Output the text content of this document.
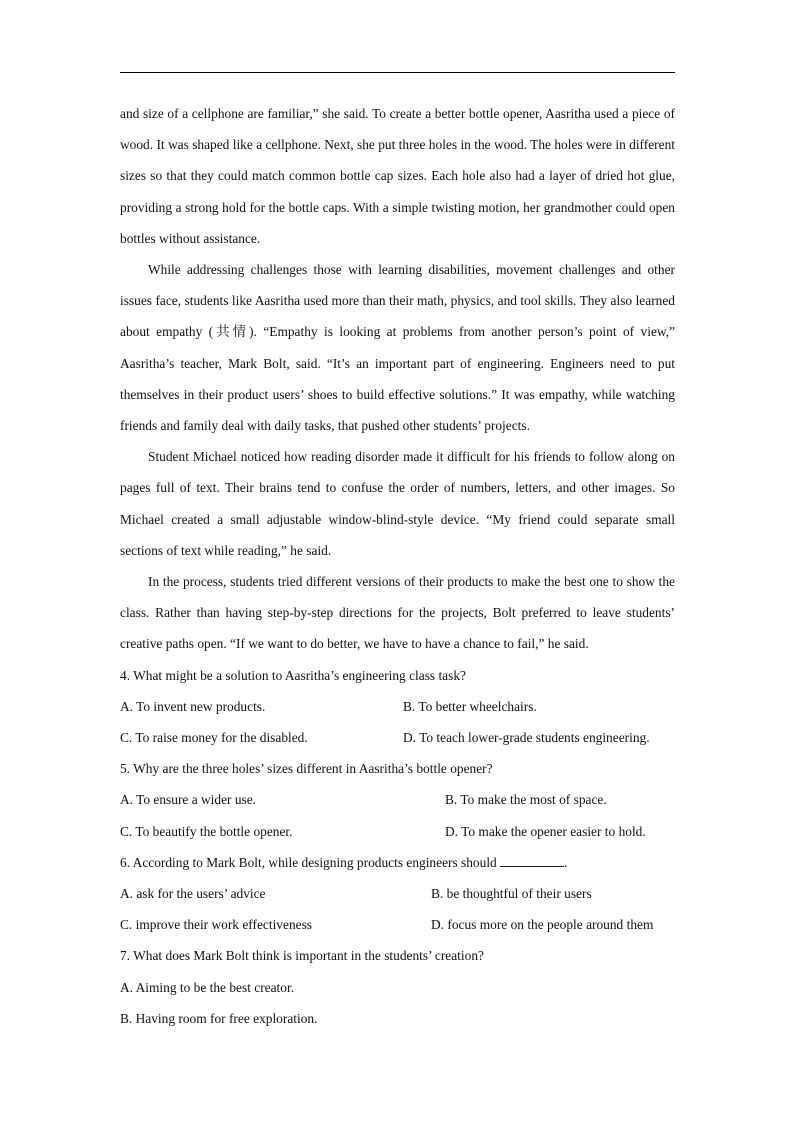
and size of a cellphone are familiar,” she said. To create a better bottle opener, Aasritha used a piece of wood. It was shaped like a cellphone. Next, she put three holes in the wood. The holes were in different sizes so that they could match common bottle cap sizes. Each hole also had a layer of dried hot glue, providing a strong hold for the bottle caps. With a simple twisting motion, her grandmother could open bottles without assistance.

While addressing challenges those with learning disabilities, movement challenges and other issues face, students like Aasritha used more than their math, physics, and tool skills. They also learned about empathy (共情). “Empathy is looking at problems from another person’s point of view,” Aasritha’s teacher, Mark Bolt, said. “It’s an important part of engineering. Engineers need to put themselves in their product users’ shoes to build effective solutions.” It was empathy, while watching friends and family deal with daily tasks, that pushed other students’ projects.

Student Michael noticed how reading disorder made it difficult for his friends to follow along on pages full of text. Their brains tend to confuse the order of numbers, letters, and other images. So Michael created a small adjustable window-blind-style device. “My friend could separate small sections of text while reading,” he said.

In the process, students tried different versions of their products to make the best one to show the class. Rather than having step-by-step directions for the projects, Bolt preferred to leave students’ creative paths open. “If we want to do better, we have to have a chance to fail,” he said.

4. What might be a solution to Aasritha’s engineering class task?

A. To invent new products.	B. To better wheelchairs.
C. To raise money for the disabled.	D. To teach lower-grade students engineering.

5. Why are the three holes’ sizes different in Aasritha’s bottle opener?

A. To ensure a wider use.	B. To make the most of space.
C. To beautify the bottle opener.	D. To make the opener easier to hold.

6. According to Mark Bolt, while designing products engineers should	.

A. ask for the users’ advice	B. be thoughtful of their users
C. improve their work effectiveness	D. focus more on the people around them

7. What does Mark Bolt think is important in the students’ creation?

A. Aiming to be the best creator.

B. Having room for free exploration.
